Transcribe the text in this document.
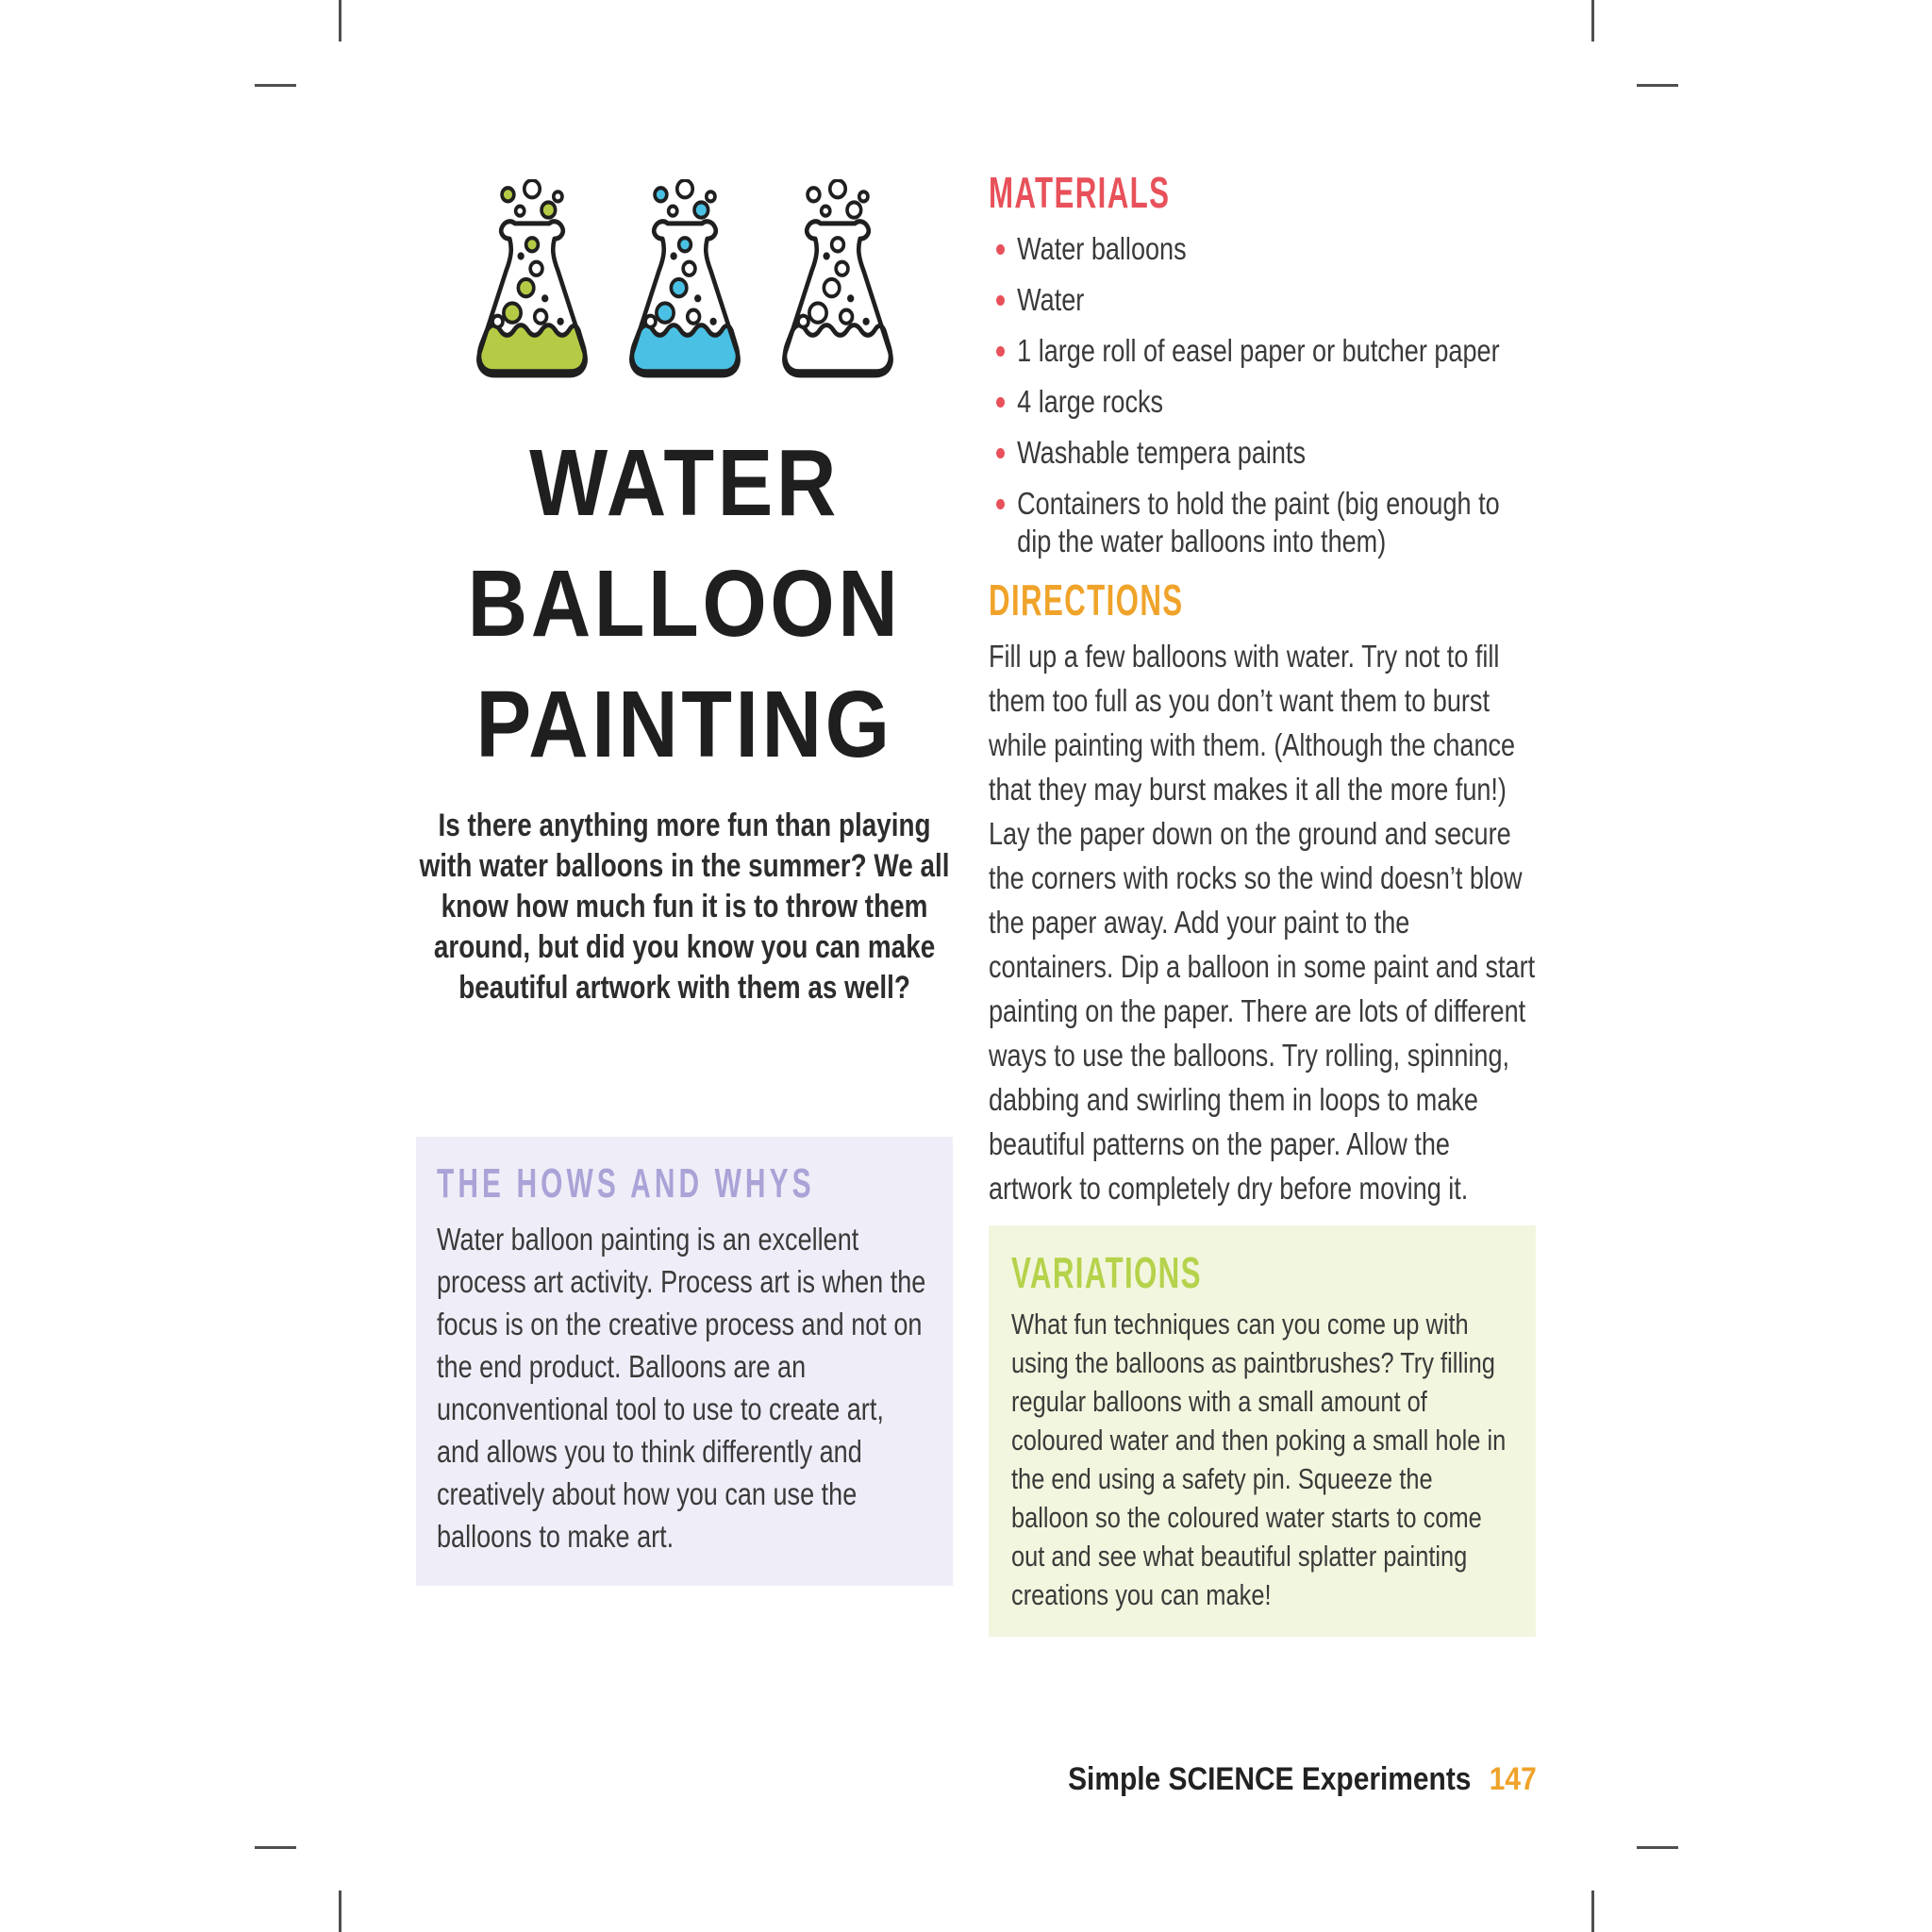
WATER
BALLOON
PAINTING

Is there anything more fun than playing with water balloons in the summer? We all know how much fun it is to throw them around, but did you know you can make beautiful artwork with them as well?

THE HOWS AND WHYS

Water balloon painting is an excellent process art activity. Process art is when the focus is on the creative process and not on the end product. Balloons are an unconventional tool to use to create art, and allows you to think differently and creatively about how you can use the balloons to make art.

MATERIALS
Water balloons
Water
1 large roll of easel paper or butcher paper
4 large rocks
Washable tempera paints
Containers to hold the paint (big enough to dip the water balloons into them)
DIRECTIONS

Fill up a few balloons with water. Try not to fill them too full as you don’t want them to burst while painting with them. (Although the chance that they may burst makes it all the more fun!) Lay the paper down on the ground and secure the corners with rocks so the wind doesn’t blow the paper away. Add your paint to the containers. Dip a balloon in some paint and start painting on the paper. There are lots of different ways to use the balloons. Try rolling, spinning, dabbing and swirling them in loops to make beautiful patterns on the paper. Allow the artwork to completely dry before moving it.

VARIATIONS

What fun techniques can you come up with using the balloons as paintbrushes? Try filling regular balloons with a small amount of coloured water and then poking a small hole in the end using a safety pin. Squeeze the balloon so the coloured water starts to come out and see what beautiful splatter painting creations you can make!

Simple SCIENCE Experiments 147
